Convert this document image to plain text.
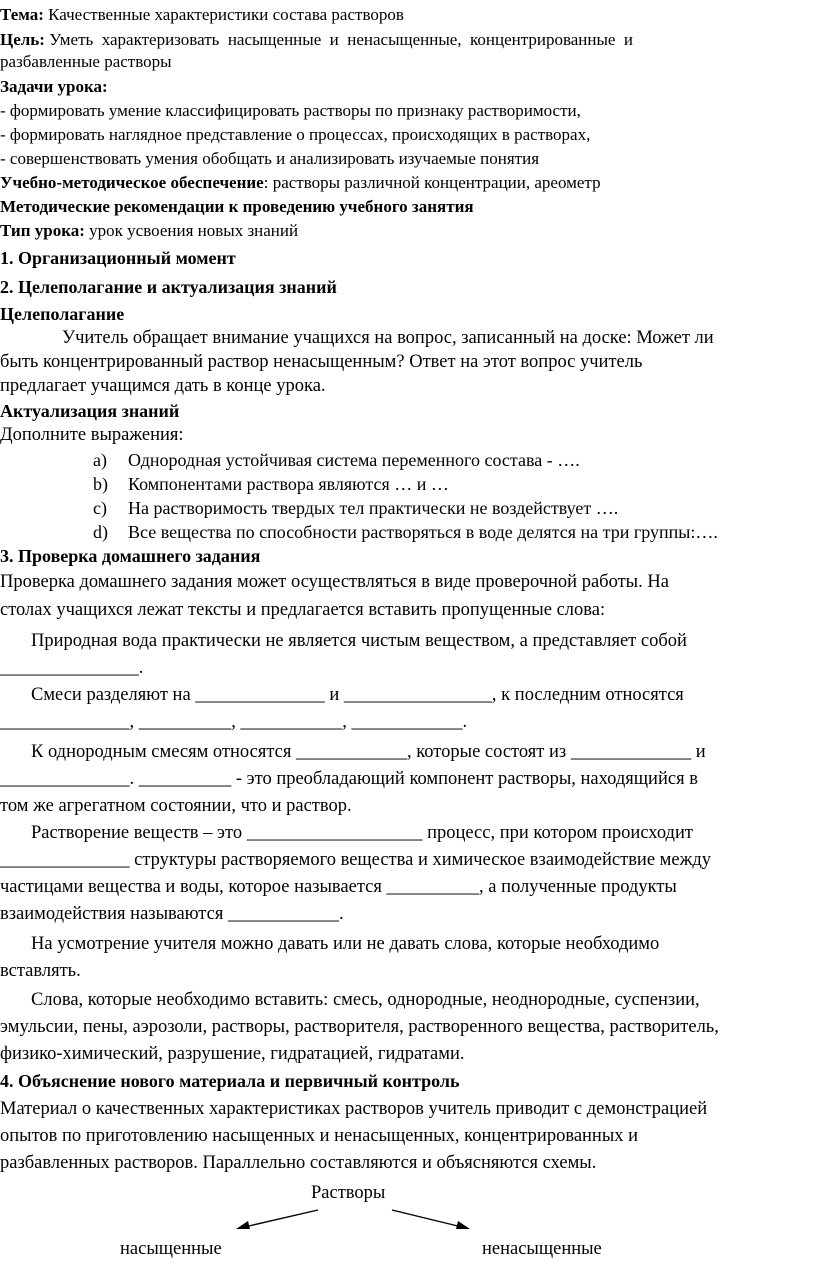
Тема: Качественные характеристики состава растворов
Цель: Уметь характеризовать насыщенные и ненасыщенные, концентрированные и
разбавленные растворы
Задачи урока:
- формировать умение классифицировать растворы по признаку растворимости,
- формировать наглядное представление о процессах, происходящих в растворах,
- совершенствовать умения обобщать и анализировать изучаемые понятия
Учебно-методическое обеспечение: растворы различной концентрации, ареометр
Методические рекомендации к проведению учебного занятия
Тип урока: урок усвоения новых знаний
1. Организационный момент
2. Целеполагание и актуализация знаний
Целеполагание
Учитель обращает внимание учащихся на вопрос, записанный на доске: Может ли
быть концентрированный раствор ненасыщенным? Ответ на этот вопрос учитель
предлагает учащимся дать в конце урока.
Актуализация знаний
Дополните выражения:
a) Однородная устойчивая система переменного состава - ….
b) Компонентами раствора являются … и …
c) На растворимость твердых тел практически не воздействует ….
d) Все вещества по способности растворяться в воде делятся на три группы:….
3. Проверка домашнего задания
Проверка домашнего задания может осуществляться в виде проверочной работы. На
столах учащихся лежат тексты и предлагается вставить пропущенные слова:
Природная вода практически не является чистым веществом, а представляет собой
_______________.
Смеси разделяют на ______________ и ________________, к последним относятся
______________, __________, ___________, ____________.
К однородным смесям относятся ____________, которые состоят из _____________ и
______________. __________ - это преобладающий компонент растворы, находящийся в
том же агрегатном состоянии, что и раствор.
Растворение веществ – это ___________________ процесс, при котором происходит
______________ структуры растворяемого вещества и химическое взаимодействие между
частицами вещества и воды, которое называется __________, а полученные продукты
взаимодействия называются ____________.
На усмотрение учителя можно давать или не давать слова, которые необходимо
вставлять.
Слова, которые необходимо вставить: смесь, однородные, неоднородные, суспензии,
эмульсии, пены, аэрозоли, растворы, растворителя, растворенного вещества, растворитель,
физико-химический, разрушение, гидратацией, гидратами.
4. Объяснение нового материала и первичный контроль
Материал о качественных характеристиках растворов учитель приводит с демонстрацией
опытов по приготовлению насыщенных и ненасыщенных, концентрированных и
разбавленных растворов. Параллельно составляются и объясняются схемы.
Растворы
насыщенные	ненасыщенные
